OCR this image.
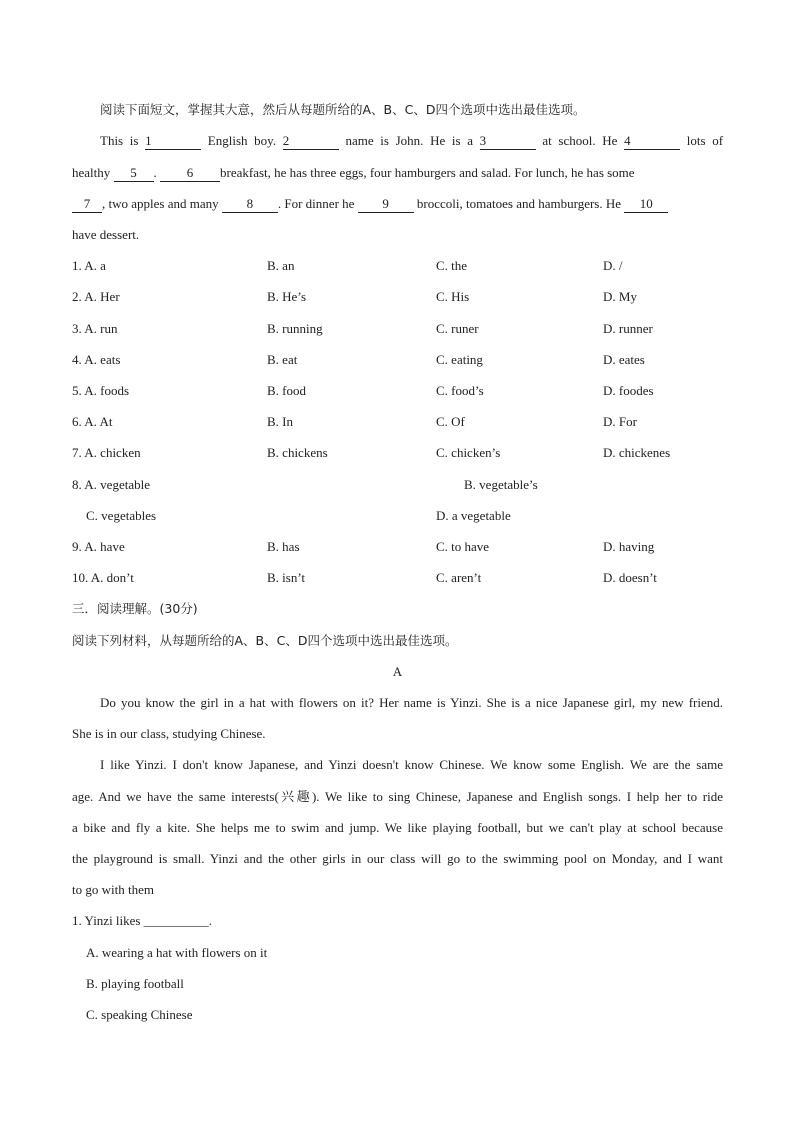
阅读下面短文，掌握其大意，然后从每题所给的A、B、C、D四个选项中选出最佳选项。
This is 1	English boy. 2	name is John. He is a 3	at school. He 4	lots of
healthy 5 . 6 breakfast, he has three eggs, four hamburgers and salad. For lunch, he has some
7 , two apples and many 8 . For dinner he 9 broccoli, tomatoes and hamburgers. He 10
have dessert.
1. A. a	B. an	C. the	D. /
2. A. Her	B. He’s	C. His	D. My
3. A. run	B. running	C. runer	D. runner
4. A. eats	B. eat	C. eating	D. eates
5. A. foods	B. food	C. food’s	D. foodes
6. A. At	B. In	C. Of	D. For
7. A. chicken	B. chickens	C. chicken’s	D. chickenes
8. A. vegetable	B. vegetable’s
C. vegetables	D. a vegetable
9. A. have	B. has	C. to have	D. having
10. A. don’t	B. isn’t	C. aren’t	D. doesn’t
三．阅读理解。(30分)
阅读下列材料，从每题所给的A、B、C、D四个选项中选出最佳选项。
A
Do you know the girl in a hat with flowers on it? Her name is Yinzi. She is a nice Japanese girl, my new friend.
She is in our class, studying Chinese.
I like Yinzi. I don't know Japanese, and Yinzi doesn't know Chinese. We know some English. We are the same
age. And we have the same interests(兴趣). We like to sing Chinese, Japanese and English songs. I help her to ride
a bike and fly a kite. She helps me to swim and jump. We like playing football, but we can't play at school because
the playground is small. Yinzi and the other girls in our class will go to the swimming pool on Monday, and I want
to go with them
1. Yinzi likes __________.
A. wearing a hat with flowers on it
B. playing football
C. speaking Chinese
